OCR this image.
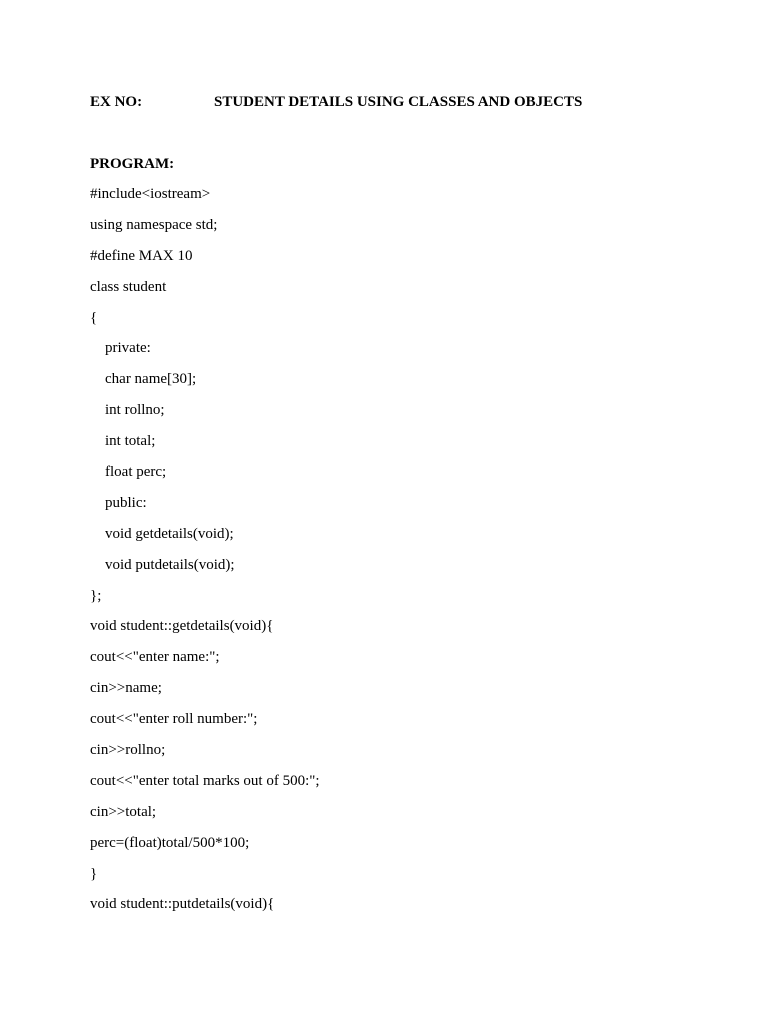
EX NO:	STUDENT DETAILS USING CLASSES AND OBJECTS
PROGRAM:
#include<iostream>
using namespace std;
#define MAX 10
class student
{
private:
char name[30];
int rollno;
int total;
float perc;
public:
void getdetails(void);
void putdetails(void);
};
void student::getdetails(void){
cout<<"enter name:";
cin>>name;
cout<<"enter roll number:";
cin>>rollno;
cout<<"enter total marks out of 500:";
cin>>total;
perc=(float)total/500*100;
}
void student::putdetails(void){
